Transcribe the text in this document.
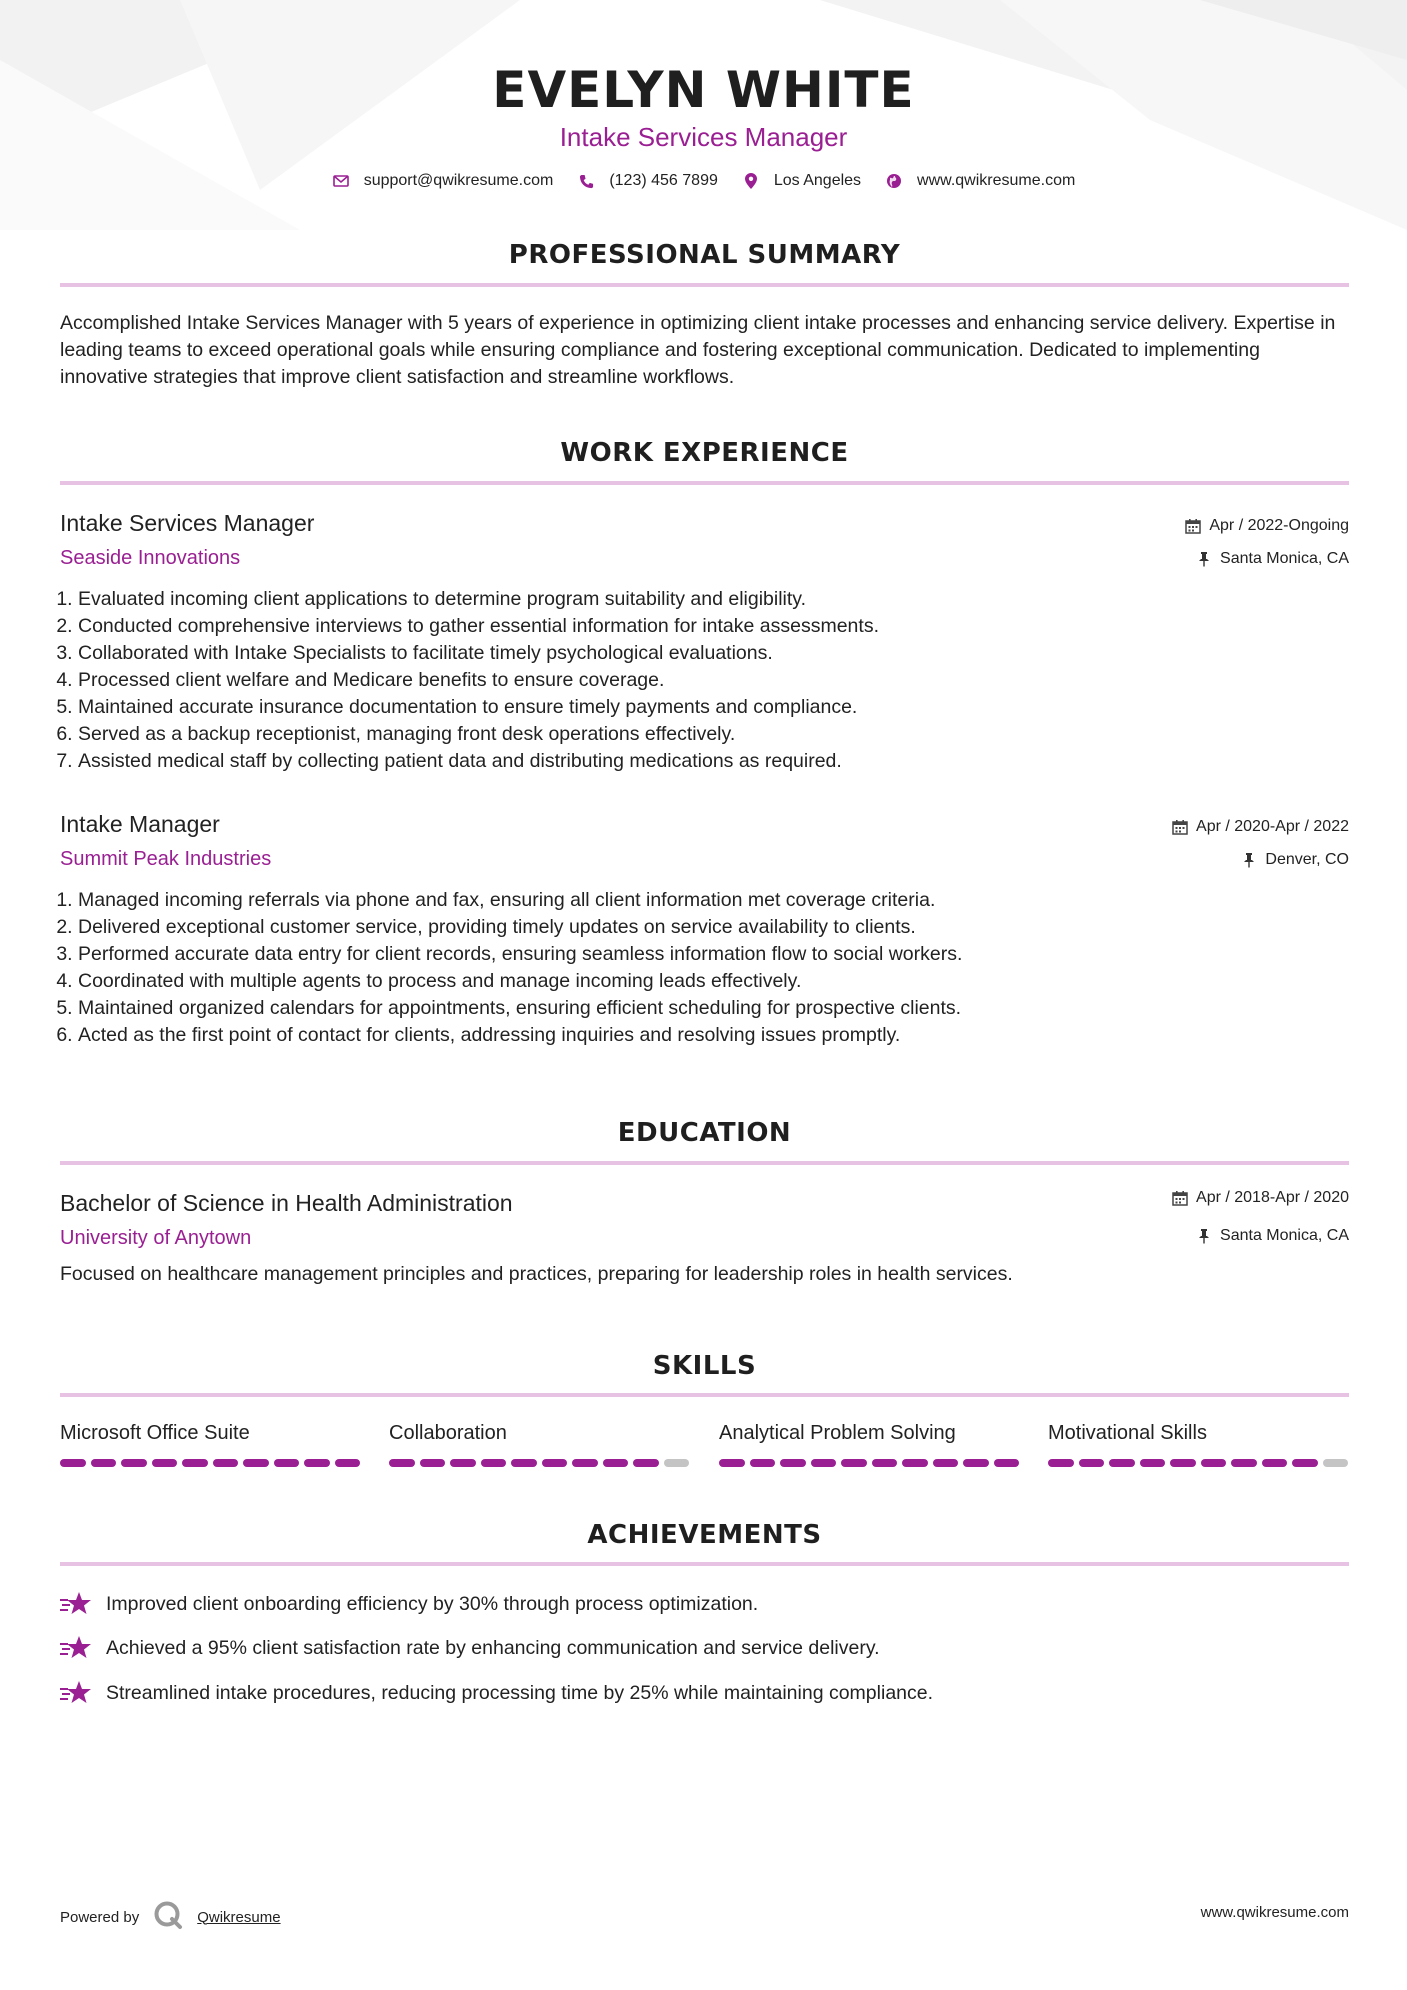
EVELYN WHITE
Intake Services Manager
support@qwikresume.com	(123) 456 7899	Los Angeles	www.qwikresume.com
PROFESSIONAL SUMMARY
Accomplished Intake Services Manager with 5 years of experience in optimizing client intake processes and enhancing service delivery. Expertise in leading teams to exceed operational goals while ensuring compliance and fostering exceptional communication. Dedicated to implementing innovative strategies that improve client satisfaction and streamline workflows.
WORK EXPERIENCE
Intake Services Manager
Seaside Innovations
Apr / 2022-Ongoing
Santa Monica, CA
1. Evaluated incoming client applications to determine program suitability and eligibility.
2. Conducted comprehensive interviews to gather essential information for intake assessments.
3. Collaborated with Intake Specialists to facilitate timely psychological evaluations.
4. Processed client welfare and Medicare benefits to ensure coverage.
5. Maintained accurate insurance documentation to ensure timely payments and compliance.
6. Served as a backup receptionist, managing front desk operations effectively.
7. Assisted medical staff by collecting patient data and distributing medications as required.
Intake Manager
Summit Peak Industries
Apr / 2020-Apr / 2022
Denver, CO
1. Managed incoming referrals via phone and fax, ensuring all client information met coverage criteria.
2. Delivered exceptional customer service, providing timely updates on service availability to clients.
3. Performed accurate data entry for client records, ensuring seamless information flow to social workers.
4. Coordinated with multiple agents to process and manage incoming leads effectively.
5. Maintained organized calendars for appointments, ensuring efficient scheduling for prospective clients.
6. Acted as the first point of contact for clients, addressing inquiries and resolving issues promptly.
EDUCATION
Bachelor of Science in Health Administration
University of Anytown
Apr / 2018-Apr / 2020
Santa Monica, CA
Focused on healthcare management principles and practices, preparing for leadership roles in health services.
SKILLS
Microsoft Office Suite	Collaboration	Analytical Problem Solving	Motivational Skills
ACHIEVEMENTS
Improved client onboarding efficiency by 30% through process optimization.
Achieved a 95% client satisfaction rate by enhancing communication and service delivery.
Streamlined intake procedures, reducing processing time by 25% while maintaining compliance.
Powered by	Qwikresume	www.qwikresume.com
